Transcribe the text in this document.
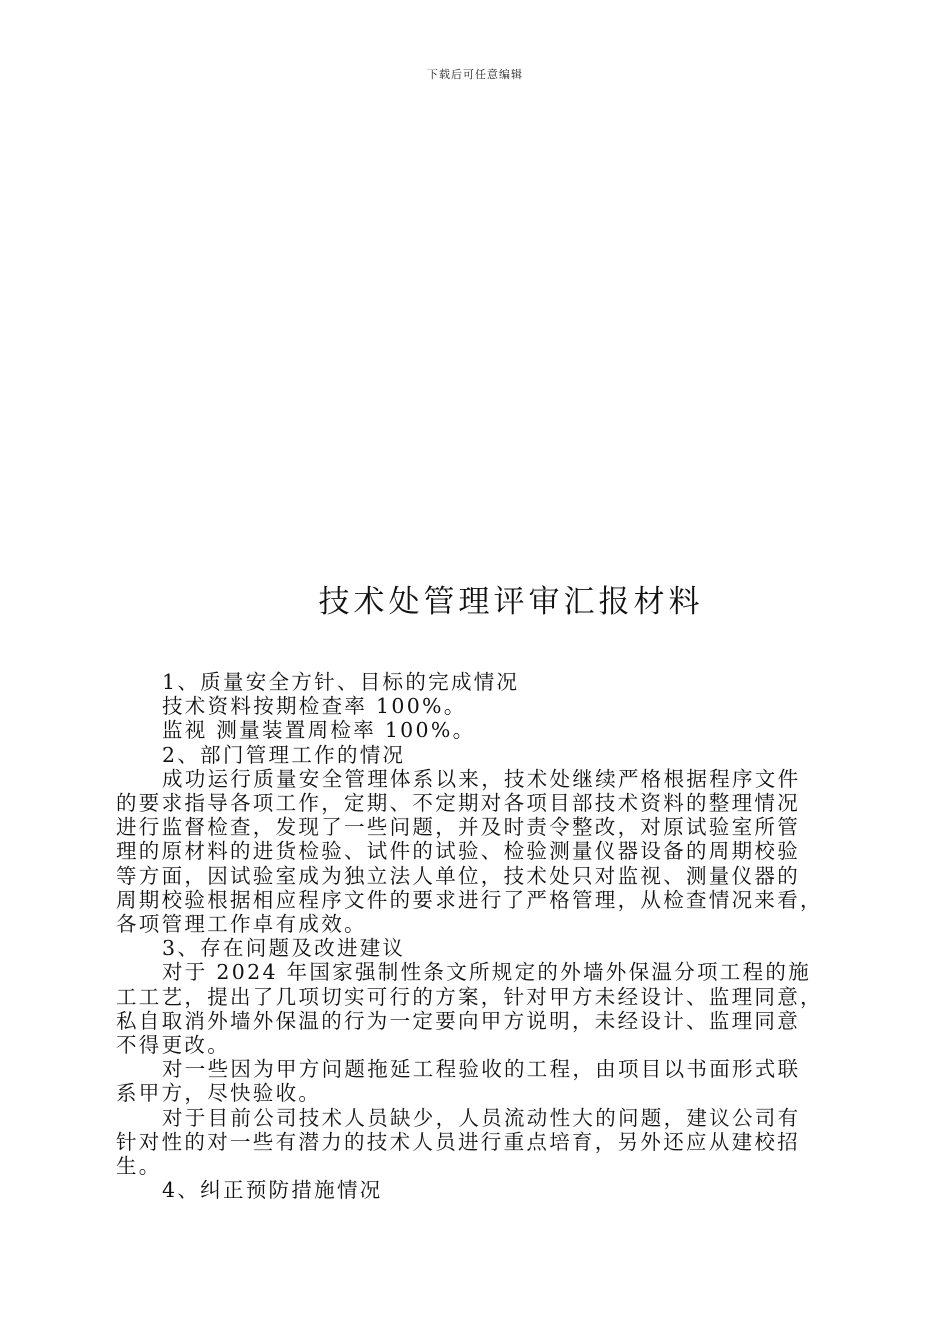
下载后可任意编辑
技术处管理评审汇报材料
1、质量安全方针、目标的完成情况
技术资料按期检查率 100%。
监视 测量装置周检率 100%。
2、部门管理工作的情况
成功运行质量安全管理体系以来，技术处继续严格根据程序文件
的要求指导各项工作，定期、不定期对各项目部技术资料的整理情况
进行监督检查，发现了一些问题，并及时责令整改，对原试验室所管
理的原材料的进货检验、试件的试验、检验测量仪器设备的周期校验
等方面，因试验室成为独立法人单位，技术处只对监视、测量仪器的
周期校验根据相应程序文件的要求进行了严格管理，从检查情况来看，
各项管理工作卓有成效。
3、存在问题及改进建议
对于 2024 年国家强制性条文所规定的外墙外保温分项工程的施
工工艺，提出了几项切实可行的方案，针对甲方未经设计、监理同意，
私自取消外墙外保温的行为一定要向甲方说明，未经设计、监理同意
不得更改。
对一些因为甲方问题拖延工程验收的工程，由项目以书面形式联
系甲方，尽快验收。
对于目前公司技术人员缺少，人员流动性大的问题，建议公司有
针对性的对一些有潜力的技术人员进行重点培育，另外还应从建校招
生。
4、纠正预防措施情况
